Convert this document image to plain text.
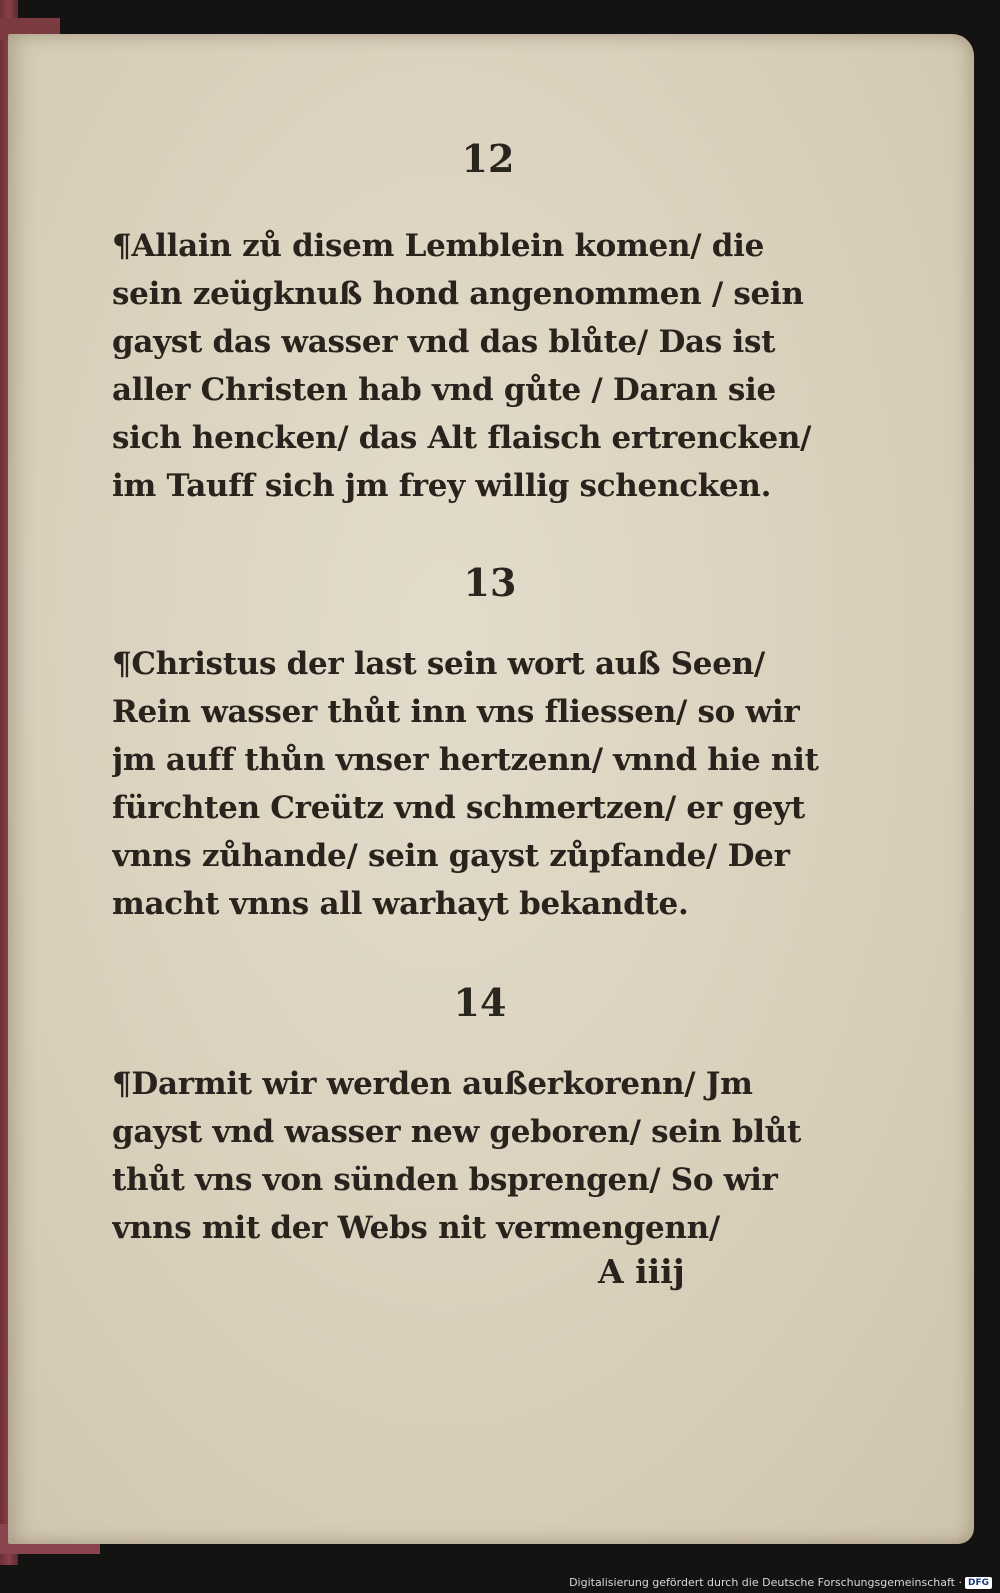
12
¶Allain zů disem Lemblein komen/ die
sein zeügknuß hond angenommen / sein
gayst das wasser vnd das blůte/ Das ist
aller Christen hab vnd gůte / Daran sie
sich hencken/ das Alt flaisch ertrencken/
im Tauff sich jm frey willig schencken.
13
¶Christus der last sein wort auß Seen/
Rein wasser thůt inn vns fliessen/ so wir
jm auff thůn vnser hertzenn/ vnnd hie nit
fürchten Creütz vnd schmertzen/ er geyt
vnns zůhande/ sein gayst zůpfande/ Der
macht vnns all warhayt bekandte.
14
¶Darmit wir werden außerkorenn/ Jm
gayst vnd wasser new geboren/ sein blůt
thůt vns von sünden bsprengen/ So wir
vnns mit der Webs nit vermengenn/
A iiij
Digitalisierung gefördert durch die Deutsche Forschungsgemeinschaft · DFG
